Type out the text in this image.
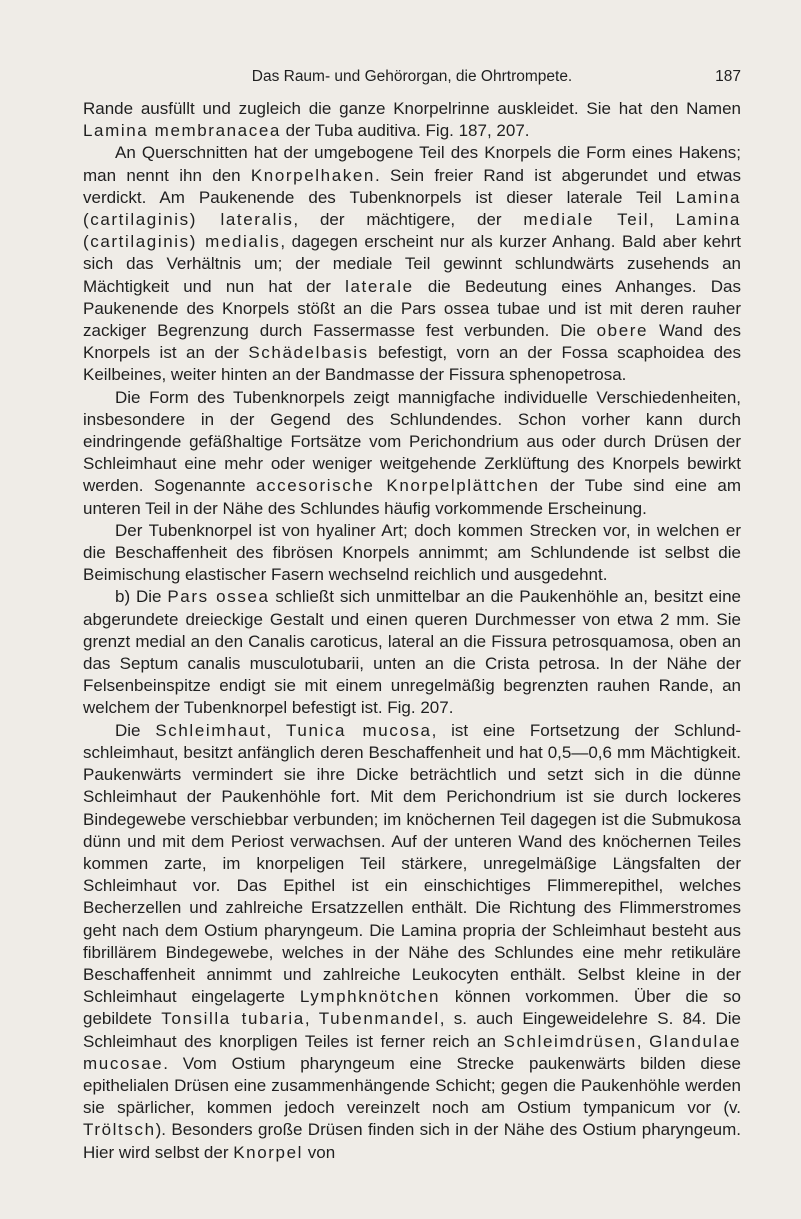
Das Raum- und Gehörorgan, die Ohrtrompete.	187

Rande ausfüllt und zugleich die ganze Knorpelrinne auskleidet. Sie hat den Namen Lamina membranacea der Tuba auditiva. Fig. 187, 207.

An Querschnitten hat der umgebogene Teil des Knorpels die Form eines Hakens; man nennt ihn den Knorpelhaken. Sein freier Rand ist abgerundet und etwas verdickt. Am Paukenende des Tubenknorpels ist dieser laterale Teil Lamina (cartilaginis) lateralis, der mächtigere, der mediale Teil, Lamina (cartilaginis) medialis, dagegen erscheint nur als kurzer Anhang. Bald aber kehrt sich das Verhältnis um; der mediale Teil gewinnt schlundwärts zusehends an Mächtigkeit und nun hat der laterale die Bedeutung eines Anhanges. Das Paukenende des Knorpels stößt an die Pars ossea tubae und ist mit deren rauher zackiger Begrenzung durch Fassermasse fest verbunden. Die obere Wand des Knorpels ist an der Schädelbasis befestigt, vorn an der Fossa scaphoidea des Keilbeines, weiter hinten an der Bandmasse der Fissura sphenopetrosa.

Die Form des Tubenknorpels zeigt mannigfache individuelle Verschiedenheiten, insbesondere in der Gegend des Schlundendes. Schon vorher kann durch eindringende gefäßhaltige Fortsätze vom Perichondrium aus oder durch Drüsen der Schleimhaut eine mehr oder weniger weitgehende Zerklüftung des Knorpels bewirkt werden. Sogenannte accesorische Knorpelplättchen der Tube sind eine am unteren Teil in der Nähe des Schlundes häufig vorkommende Erscheinung.

Der Tubenknorpel ist von hyaliner Art; doch kommen Strecken vor, in welchen er die Beschaffenheit des fibrösen Knorpels annimmt; am Schlundende ist selbst die Beimischung elastischer Fasern wechselnd reichlich und ausgedehnt.

b) Die Pars ossea schließt sich unmittelbar an die Paukenhöhle an, besitzt eine abgerundete dreieckige Gestalt und einen queren Durchmesser von etwa 2 mm. Sie grenzt medial an den Canalis caroticus, lateral an die Fissura petrosquamosa, oben an das Septum canalis musculotubarii, unten an die Crista petrosa. In der Nähe der Felsenbeinspitze endigt sie mit einem unregelmäßig begrenzten rauhen Rande, an welchem der Tubenknorpel befestigt ist. Fig. 207.

Die Schleimhaut, Tunica mucosa, ist eine Fortsetzung der Schlundschleimhaut, besitzt anfänglich deren Beschaffenheit und hat 0,5—0,6 mm Mächtigkeit. Paukenwärts vermindert sie ihre Dicke beträchtlich und setzt sich in die dünne Schleimhaut der Paukenhöhle fort. Mit dem Perichondrium ist sie durch lockeres Bindegewebe verschiebbar verbunden; im knöchernen Teil dagegen ist die Submukosa dünn und mit dem Periost verwachsen. Auf der unteren Wand des knöchernen Teiles kommen zarte, im knorpeligen Teil stärkere, unregelmäßige Längsfalten der Schleimhaut vor. Das Epithel ist ein einschichtiges Flimmerepithel, welches Becherzellen und zahlreiche Ersatzzellen enthält. Die Richtung des Flimmerstromes geht nach dem Ostium pharyngeum. Die Lamina propria der Schleimhaut besteht aus fibrillärem Bindegewebe, welches in der Nähe des Schlundes eine mehr retikuläre Beschaffenheit annimmt und zahlreiche Leukocyten enthält. Selbst kleine in der Schleimhaut eingelagerte Lymphknötchen können vorkommen. Über die so gebildete Tonsilla tubaria, Tubenmandel, s. auch Eingeweidelehre S. 84. Die Schleimhaut des knorpligen Teiles ist ferner reich an Schleimdrüsen, Glandulae mucosae. Vom Ostium pharyngeum eine Strecke paukenwärts bilden diese epithelialen Drüsen eine zusammenhängende Schicht; gegen die Paukenhöhle werden sie spärlicher, kommen jedoch vereinzelt noch am Ostium tympanicum vor (v. Tröltsch). Besonders große Drüsen finden sich in der Nähe des Ostium pharyngeum. Hier wird selbst der Knorpel von
